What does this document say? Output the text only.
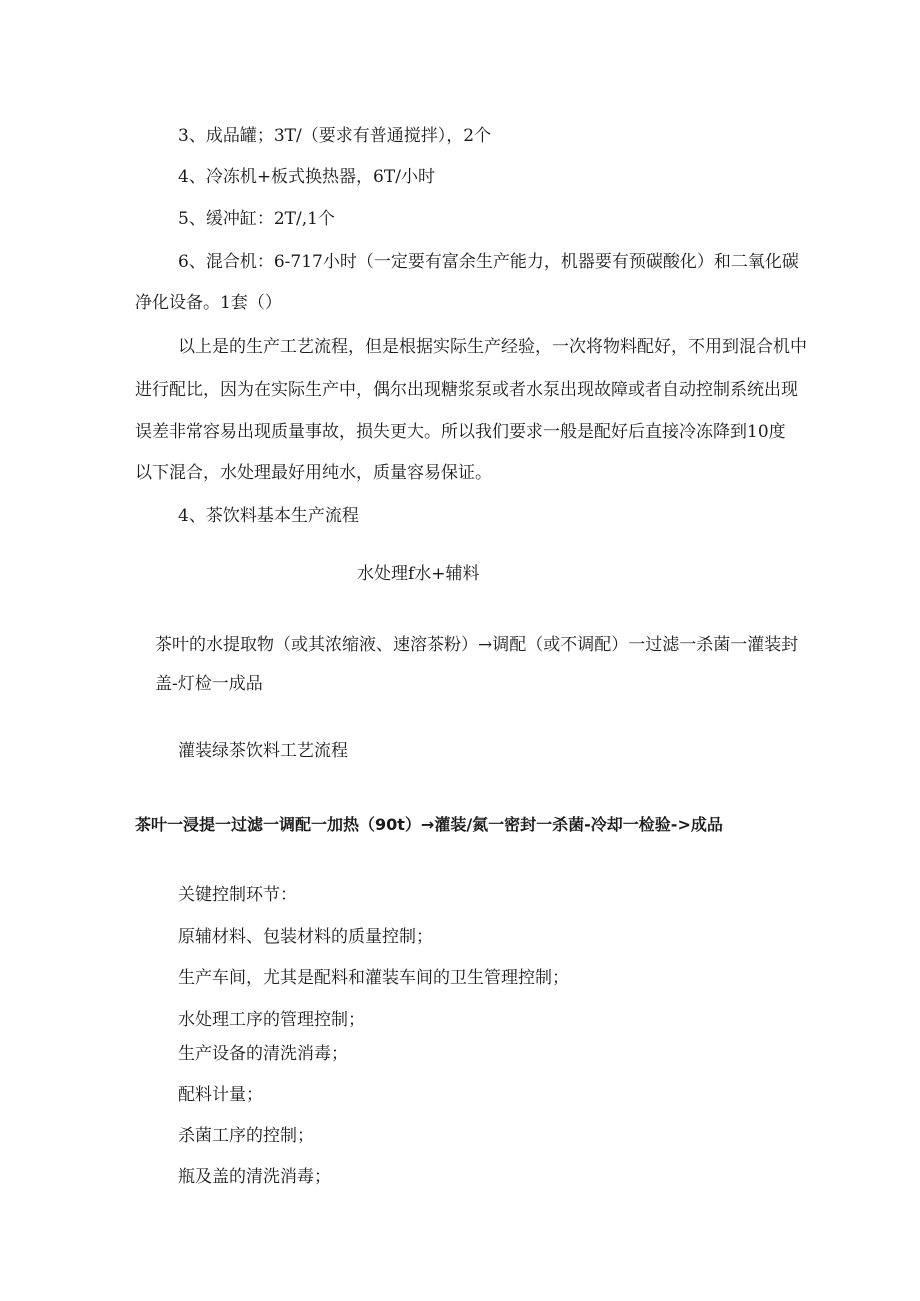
3、成品罐；3T/（要求有普通搅拌），2个
4、冷冻机+板式换热器，6T/小时
5、缓冲缸：2T/,1个
6、混合机：6-717小时（一定要有富余生产能力，机器要有预碳酸化）和二氧化碳
净化设备。1套（）
以上是的生产工艺流程，但是根据实际生产经验，一次将物料配好，不用到混合机中
进行配比，因为在实际生产中，偶尔出现糖浆泵或者水泵出现故障或者自动控制系统出现
误差非常容易出现质量事故，损失更大。所以我们要求一般是配好后直接冷冻降到10度
以下混合，水处理最好用纯水，质量容易保证。
4、茶饮料基本生产流程
水处理f水+辅料
茶叶的水提取物（或其浓缩液、速溶茶粉）→调配（或不调配）一过滤一杀菌一灌装封
盖-灯检一成品
灌装绿茶饮料工艺流程
茶叶一浸提一过滤一调配一加热（90t）→灌装/氮一密封一杀菌-冷却一检验->成品
关键控制环节：
原辅材料、包装材料的质量控制；
生产车间，尤其是配料和灌装车间的卫生管理控制；
水处理工序的管理控制；
生产设备的清洗消毒；
配料计量；
杀菌工序的控制；
瓶及盖的清洗消毒；
